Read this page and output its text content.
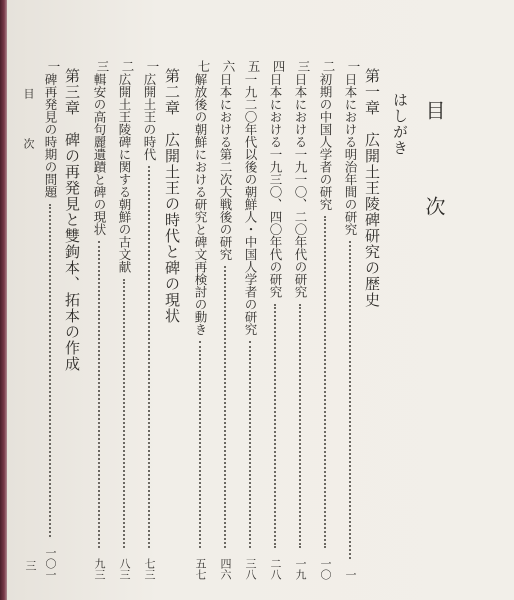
目　次
はしがき
第一章

広開土王陵碑研究の歴史
一
日本における明治年間の研究
一
二
初期の中国人学者の研究
一〇
三
日本における一九一〇、二〇年代の研究
一九
四
日本における一九三〇、四〇年代の研究
二八
五
一九二〇年代以後の朝鮮人・中国人学者の研究
三八
六
日本における第二次大戦後の研究
四六
七
解放後の朝鮮における研究と碑文再検討の動き
五七
第二章

広開土王の時代と碑の現状
一
広開土王の時代
七三
二
広開土王陵碑に関する朝鮮の古文献
八三
三
輯安の高句麗遺蹟と碑の現状
九三
第三章

碑の再発見と雙鉤本、拓本の作成
一
碑再発見の時期の問題
一〇一
目　次
三
